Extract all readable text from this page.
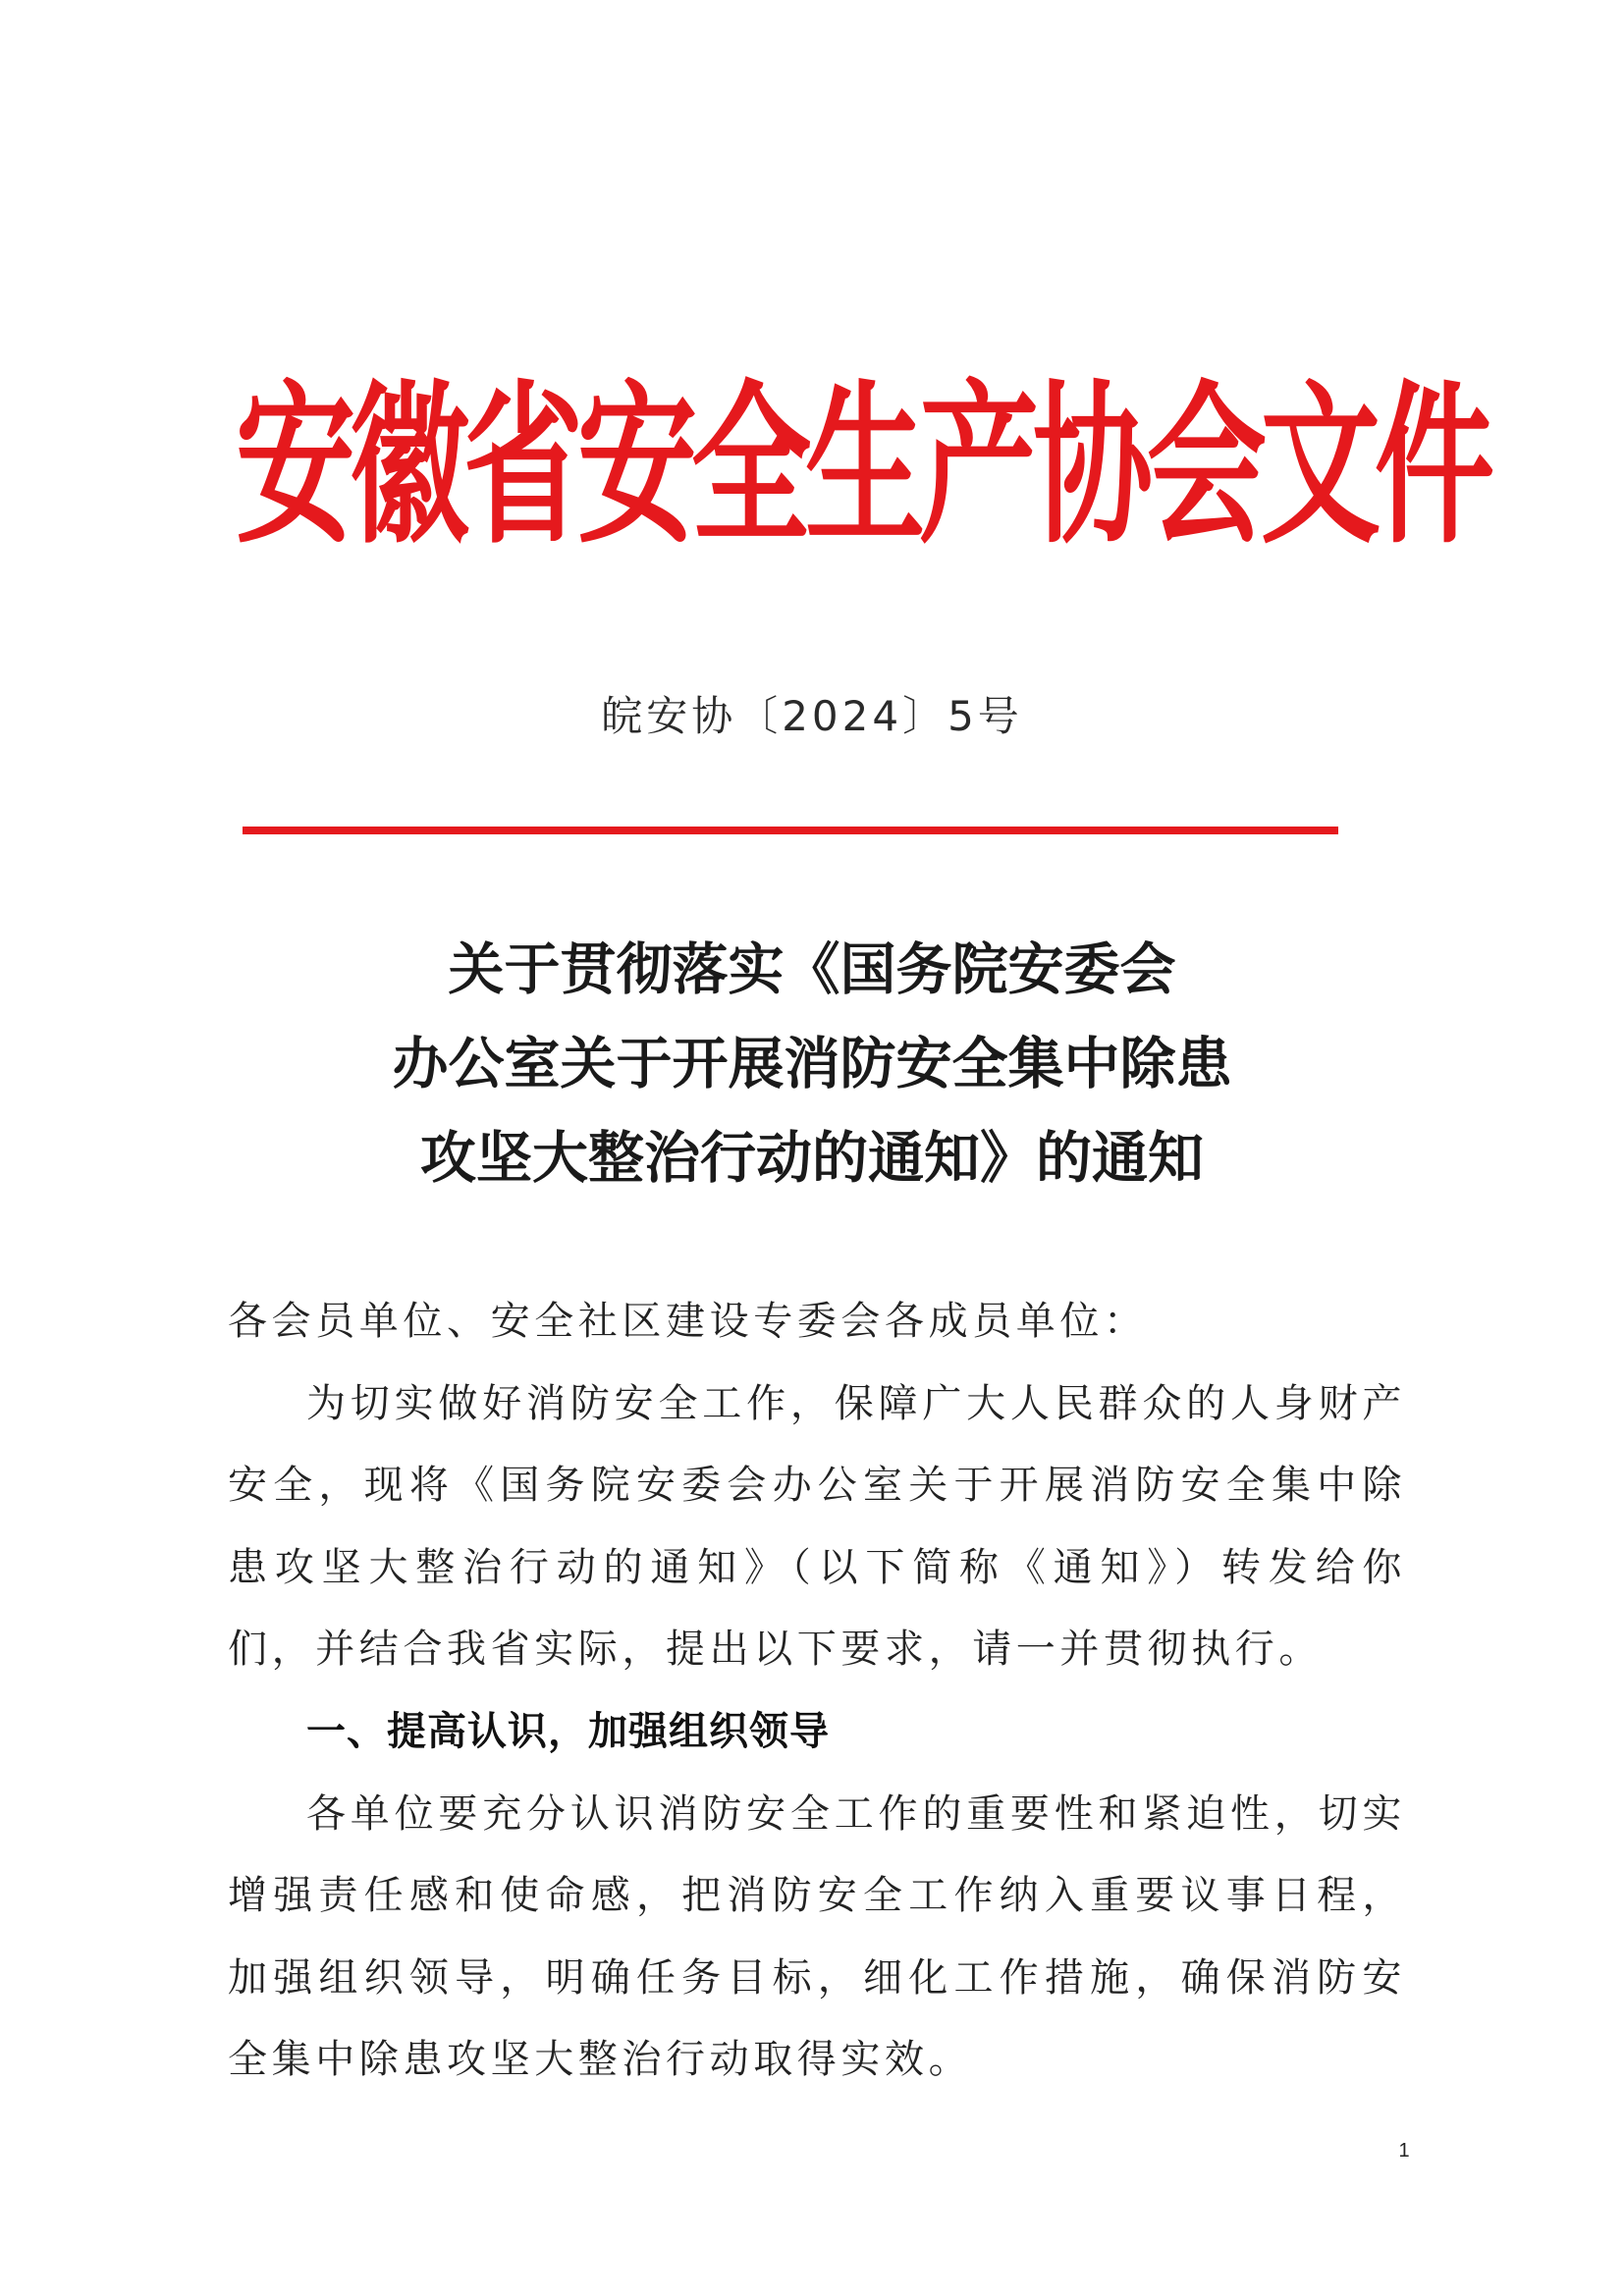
安徽省安全生产协会文件
皖安协〔2024〕5号
关于贯彻落实《国务院安委会
办公室关于开展消防安全集中除患
攻坚大整治行动的通知》的通知

各会员单位、安全社区建设专委会各成员单位：

为切实做好消防安全工作，保障广大人民群众的人身财产安全，现将《国务院安委会办公室关于开展消防安全集中除患攻坚大整治行动的通知》（以下简称《通知》）转发给你们，并结合我省实际，提出以下要求，请一并贯彻执行。

一、提高认识，加强组织领导

各单位要充分认识消防安全工作的重要性和紧迫性，切实增强责任感和使命感，把消防安全工作纳入重要议事日程，加强组织领导，明确任务目标，细化工作措施，确保消防安全集中除患攻坚大整治行动取得实效。

1
